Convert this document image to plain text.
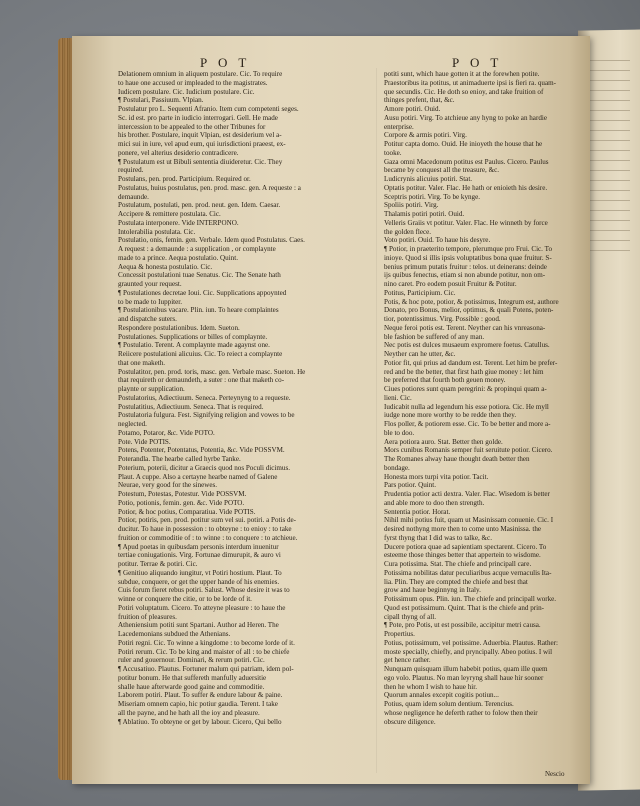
P O T	P O T
Delationem omnium in aliquem postulare. Cic. To require
to haue one accused or impleaded to the magistrates.
Iudicem postulare. Cic. Iudicium postulare. Cic.
¶ Postulari, Passiuum. Vlpian.
Postulatur pro L. Sequenti Afranio. Item cum competenti seges.
Sc. id est. pro parte in iudicio interrogari. Gell. He made
intercession to be appealed to the other Tribunes for
his brother. Postulare, inquit Vlpian, est desiderium vel a-
mici sui in iure, vel apud eum, qui iurisdictioni praeest, ex-
ponere, vel alterius desiderio contradicere.
¶ Postulatum est ut Bibuli sententia diuideretur. Cic. They
required.
Postulans, pen. prod. Participium. Required or.
Postulatus, huius postulatus, pen. prod. masc. gen. A requeste : a
demaunde.
Postulatum, postulati, pen. prod. neut. gen. Idem. Caesar.
Accipere & remittere postulata. Cic.
Postulata interponere. Vide INTERPONO.
Intolerabilia postulata. Cic.
Postulatio, onis, femin. gen. Verbale. Idem quod Postulatus. Caes.
A request : a demaunde : a supplication , or complaynte
made to a prince. Aequa postulatio. Quint.
Aequa & honesta postulatio. Cic.
Concessit postulationi tuae Senatus. Cic. The Senate hath
graunted your request.
¶ Postulationes decretae Ioui. Cic. Supplications appoynted
to be made to Iuppiter.
¶ Postulationibus vacare. Plin. iun. To heare complaintes
and dispatche suters.
Respondere postulationibus. Idem. Sueton.
Postulationes. Supplications or billes of complaynte.
¶ Postulatio. Terent. A complaynte made agaynst one.
Reiicere postulationi alicuius. Cic. To reiect a complaynte
that one maketh.
Postulatitor, pen. prod. toris, masc. gen. Verbale masc. Sueton. He
that requireth or demaundeth, a suter : one that maketh co-
playnte or supplication.
Postulatorius, Adiectiuum. Seneca. Perteynyng to a requeste.
Postulatitius, Adiectiuum. Seneca. That is required.
Postulatoria fulgura. Fest. Signifying religion and vowes to be
neglected.
Potamo, Potaror, &c. Vide POTO.
Pote. Vide POTIS.
Potens, Potenter, Potentatus, Potentia, &c. Vide POSSVM.
Poterandla. The hearbe called hyrbe Tanke.
Poterium, poterii, dicitur a Graecis quod nos Poculi dicimus.
Plaut. A cuppe. Also a certayne hearbe named of Galene
Neurae, very good for the sinewes.
Potestum, Potestas, Potestur. Vide POSSVM.
Potio, potionis, femin. gen. &c. Vide POTO.
Potior, & hoc potius, Comparatiua. Vide POTIS.
Potior, potiris, pen. prod. potitur sum vel sui. potiri. a Potis de-
ducitur. To haue in possession : to obteyne : to enioy : to take
fruition or commoditie of : to winne : to conquere : to atchieue.
¶ Apud poetas in quibusdam personis interdum inuenitur
tertiae coniugationis. Virg. Fortunae dimurupit, & auro vi
potitur. Terrae & potiri. Cic.
¶ Genitiuo aliquando iungitur, vt Potiri hostium. Plaut. To
subdue, conquere, or get the upper hande of his enemies.
Cuis forum fieret rebus potiri. Salust. Whose desire it was to
winne or conquere the citie, or to be lorde of it.
Potiri voluptatum. Cicero. To atteyne pleasure : to haue the
fruition of pleasures.
Atheniensium potiti sunt Spartani. Author ad Heren. The
Lacedemonians subdued the Athenians.
Potiri regni. Cic. To winne a kingdome : to become lorde of it.
Potiri rerum. Cic. To be king and maister of all : to be chiefe
ruler and gouernour. Dominari, & rerum potiri. Cic.
¶ Accusatiuo. Plautus. Fortuner malum qui patriam, idem pol-
potitur bonum. He that suffereth manfully aduersitie
shalle haue afterwarde good gaine and commoditie.
Laborem potiri. Plaut. To suffer & endure labour & paine.
Miseriam omnem capio, hic potiur gaudia. Terent. I take
all the payne, and he hath all the ioy and pleasure.
¶ Ablatiuo. To obteyne or get by labour. Cicero, Qui bello
potiti sunt, which haue gotten it at the forewhen potite.
Praestoribus ita potitus, ut animaduerte ipsi is fieri ra. quam-
que secundis. Cic. He doth so enioy, and take fruition of
thinges prefent, that, &c.
Amore potiri. Ouid.
Ausu potiri. Virg. To atchieue any hyng to poke an hardie
enterprise.
Corpore & armis potiri. Virg.
Potitur capta domo. Ouid. He inioyeth the house that he
tooke.
Gaza omni Macedonum potitus est Paulus. Cicero. Paulus
became by conquest all the treasure, &c.
Ludicrynis alicuius potiri. Stat.
Optatis potitur. Valer. Flac. He hath or enioieth his desire.
Sceptris potiri. Virg. To be kynge.
Spoliis potiri. Virg.
Thalamis potiri potiri. Ouid.
Velleris Graiis vt potitur. Valer. Flac. He winneth by force
the golden flece.
Voto potiri. Ouid. To haue his desyre.
¶ Potior, in praeterito tempore, plerumque pro Frui. Cic. To
inioye. Quod si illis ipsis voluptatibus bona quae fruitur. S-
benius primum putatis fruitur : telos. ut deinerans: deinde
ijs quibus fenectus, etiam si non abunde potitur, non om-
nino caret. Pro eodem posuit Fruitur & Potitur.
Potitus, Participium. Cic.
Potis, & hoc pote, potior, & potissimus, Integrum est, authore
Donato, pro Bonus, melior, optimus, & quali Potens, poten-
tior, potentissimus. Virg. Possible : good.
Neque feroi potis est. Terent. Neyther can his vnreasona-
ble fashion be suffered of any man.
Nec potis est dulces musaeum expromere foetus. Catullus.
Neyther can he utter, &c.
Potior fit, qui prius ad dandum est. Terent. Let him be prefer-
red and be the better, that first hath giue money : let him
be preferred that fourth both geuen money.
Ciues potiores sunt quam peregrini: & propinqui quam a-
lieni. Cic.
Iudicabit nulla ad legendum his esse potiora. Cic. He myll
iudge none more worthy to be redde then they.
Flos poller, & potiorem esse. Cic. To be better and more a-
ble to doo.
Aera potiora auro. Stat. Better then golde.
Mors cunibus Romanis semper fuit seruitute potior. Cicero.
The Romanes alway haue thought death better then
bondage.
Honesta mors turpi vita potior. Tacit.
Pars potior. Quint.
Prudentia potior acti dextra. Valer. Flac. Wisedom is better
and able more to doo then strength.
Sententia potior. Horat.
Nihil mihi potius fuit, quam ut Masinissam conuenie. Cic. I
desired nothyng more then to come unto Masinissa. the
fyrst thyng that I did was to talke, &c.
Ducere potiora quae ad sapientiam spectarent. Cicero. To
esteeme those thinges better that appertein to wisdome.
Cura potissima. Stat. The chiefe and principall care.
Potissima nobilitas datur peculiaribus acque vernaculis Ita-
lia. Plin. They are compted the chiefe and best that
grow and haue beginnyng in Italy.
Potissimum opus. Plin. iun. The chiefe and principall worke.
Quod est potissimum. Quint. That is the chiefe and prin-
cipall thyng of all.
¶ Pote, pro Potis, ut est possibile, accipitur metri causa.
Propertius.
Potius, potissimum, vel potissime. Aduerbia. Plautus. Rather:
moste specially, chiefly, and pryncipally. Abeo potius. I wil
get hence rather.
Nunquam quisquam illum habebit potius, quam ille quem
ego volo. Plautus. No man leyryng shall haue hir sooner
then he whom I wish to haue hir.
Quorum annales excepit cogitis potiun...
Potius, quam idem solum dentium. Terencius.
whose negligence he deferth rather to folow then their
obscure diligence.
Nescio
